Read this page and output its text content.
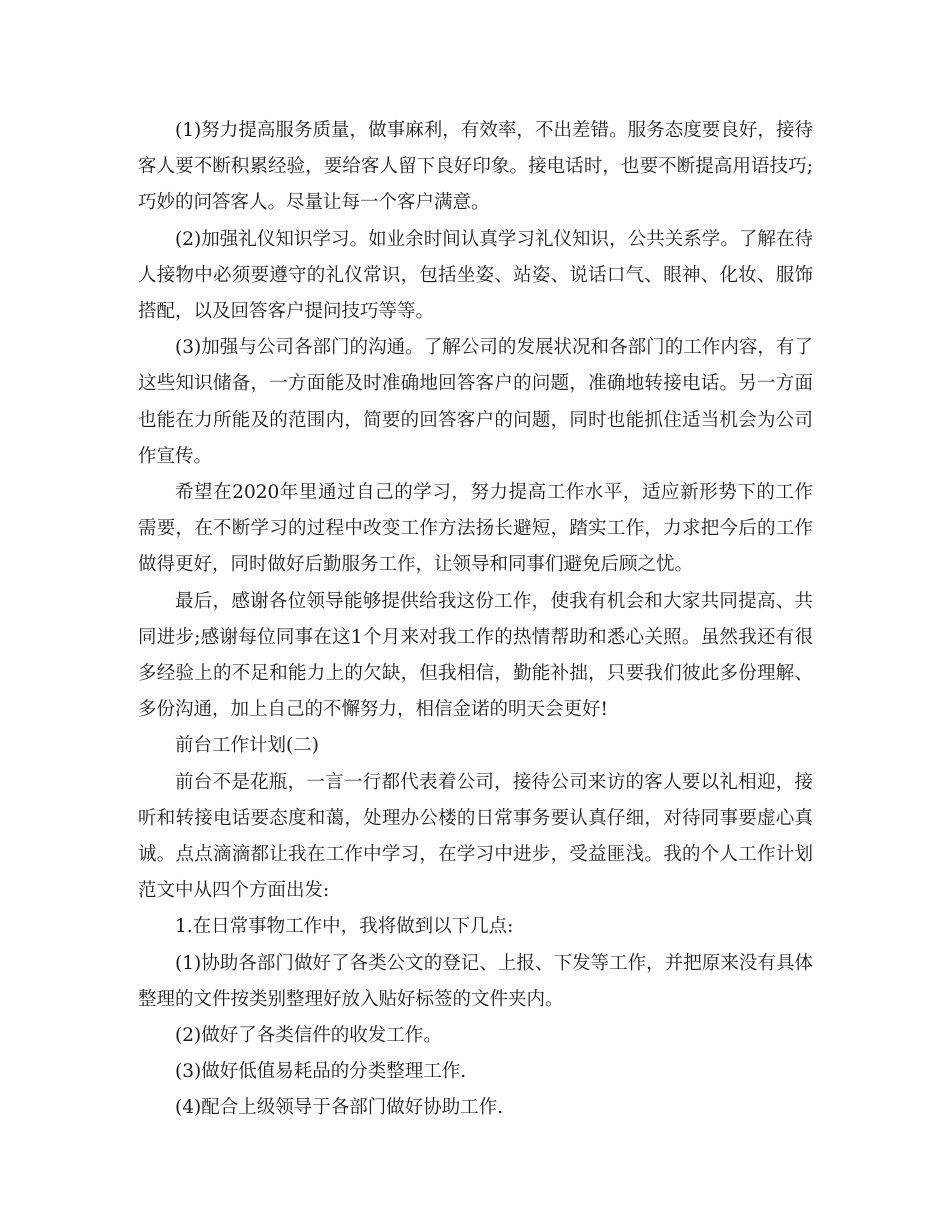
(1)努力提高服务质量，做事麻利，有效率，不出差错。服务态度要良好，接待客人要不断积累经验，要给客人留下良好印象。接电话时，也要不断提高用语技巧;巧妙的问答客人。尽量让每一个客户满意。

(2)加强礼仪知识学习。如业余时间认真学习礼仪知识，公共关系学。了解在待人接物中必须要遵守的礼仪常识，包括坐姿、站姿、说话口气、眼神、化妆、服饰搭配，以及回答客户提问技巧等等。

(3)加强与公司各部门的沟通。了解公司的发展状况和各部门的工作内容，有了这些知识储备，一方面能及时准确地回答客户的问题，准确地转接电话。另一方面也能在力所能及的范围内，简要的回答客户的问题，同时也能抓住适当机会为公司作宣传。

希望在2020年里通过自己的学习，努力提高工作水平，适应新形势下的工作需要，在不断学习的过程中改变工作方法扬长避短，踏实工作，力求把今后的工作做得更好，同时做好后勤服务工作，让领导和同事们避免后顾之忧。

最后，感谢各位领导能够提供给我这份工作，使我有机会和大家共同提高、共同进步;感谢每位同事在这1个月来对我工作的热情帮助和悉心关照。虽然我还有很多经验上的不足和能力上的欠缺，但我相信，勤能补拙，只要我们彼此多份理解、多份沟通，加上自己的不懈努力，相信金诺的明天会更好!

前台工作计划(二)

前台不是花瓶，一言一行都代表着公司，接待公司来访的客人要以礼相迎，接听和转接电话要态度和蔼，处理办公楼的日常事务要认真仔细，对待同事要虚心真诚。点点滴滴都让我在工作中学习，在学习中进步，受益匪浅。我的个人工作计划范文中从四个方面出发:

1.在日常事物工作中，我将做到以下几点:

(1)协助各部门做好了各类公文的登记、上报、下发等工作，并把原来没有具体整理的文件按类别整理好放入贴好标签的文件夹内。

(2)做好了各类信件的收发工作。

(3)做好低值易耗品的分类整理工作.

(4)配合上级领导于各部门做好协助工作.
